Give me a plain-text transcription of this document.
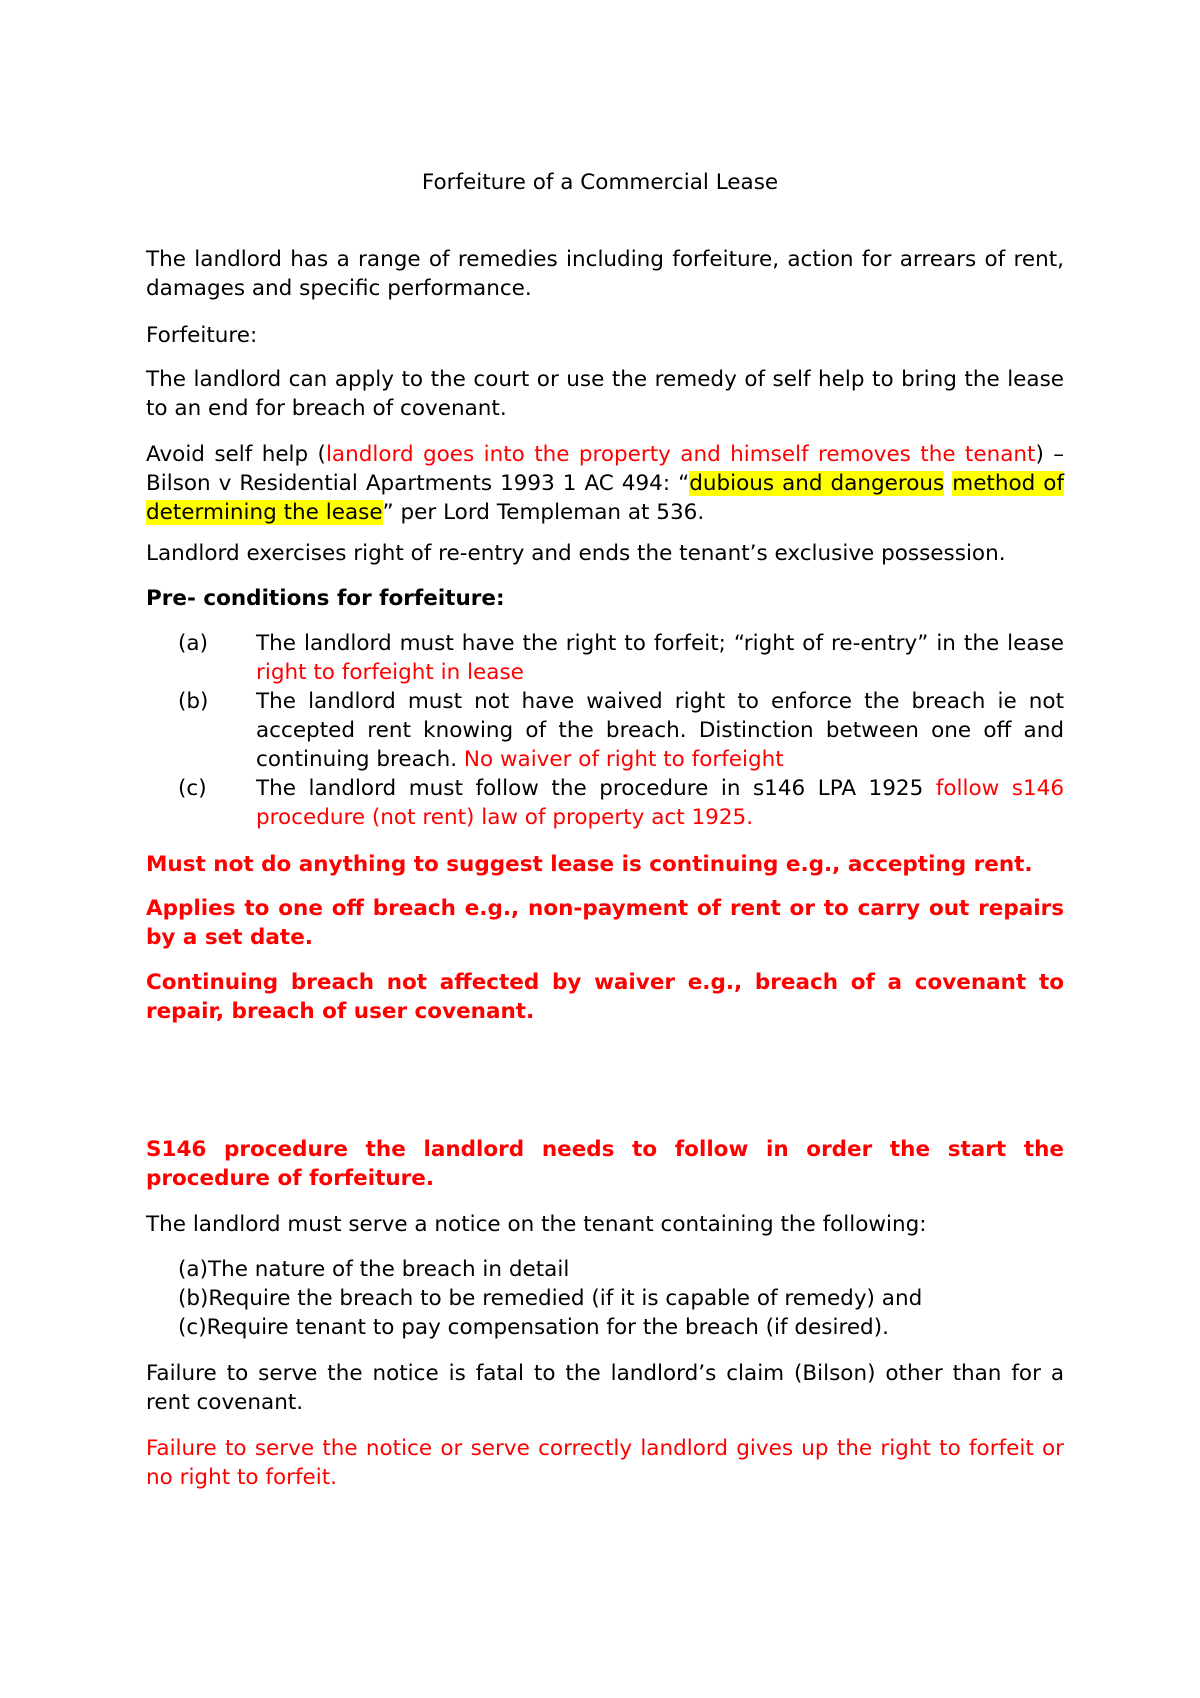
Forfeiture of a Commercial Lease
The landlord has a range of remedies including forfeiture, action for arrears of rent, damages and specific performance.
Forfeiture:
The landlord can apply to the court or use the remedy of self help to bring the lease to an end for breach of covenant.
Avoid self help (landlord goes into the property and himself removes the tenant) – Bilson v Residential Apartments 1993 1 AC 494: “dubious and dangerous method of determining the lease” per Lord Templeman at 536.
Landlord exercises right of re-entry and ends the tenant’s exclusive possession.
Pre- conditions for forfeiture:
(a) The landlord must have the right to forfeit; “right of re-entry” in the lease right to forfeight in lease
(b) The landlord must not have waived right to enforce the breach ie not accepted rent knowing of the breach. Distinction between one off and continuing breach. No waiver of right to forfeight
(c) The landlord must follow the procedure in s146 LPA 1925 follow s146 procedure (not rent) law of property act 1925.
Must not do anything to suggest lease is continuing e.g., accepting rent.
Applies to one off breach e.g., non-payment of rent or to carry out repairs by a set date.
Continuing breach not affected by waiver e.g., breach of a covenant to repair, breach of user covenant.
S146 procedure the landlord needs to follow in order the start the procedure of forfeiture.
The landlord must serve a notice on the tenant containing the following:
(a)The nature of the breach in detail
(b)Require the breach to be remedied (if it is capable of remedy) and
(c)Require tenant to pay compensation for the breach (if desired).
Failure to serve the notice is fatal to the landlord’s claim (Bilson) other than for a rent covenant.
Failure to serve the notice or serve correctly landlord gives up the right to forfeit or no right to forfeit.
